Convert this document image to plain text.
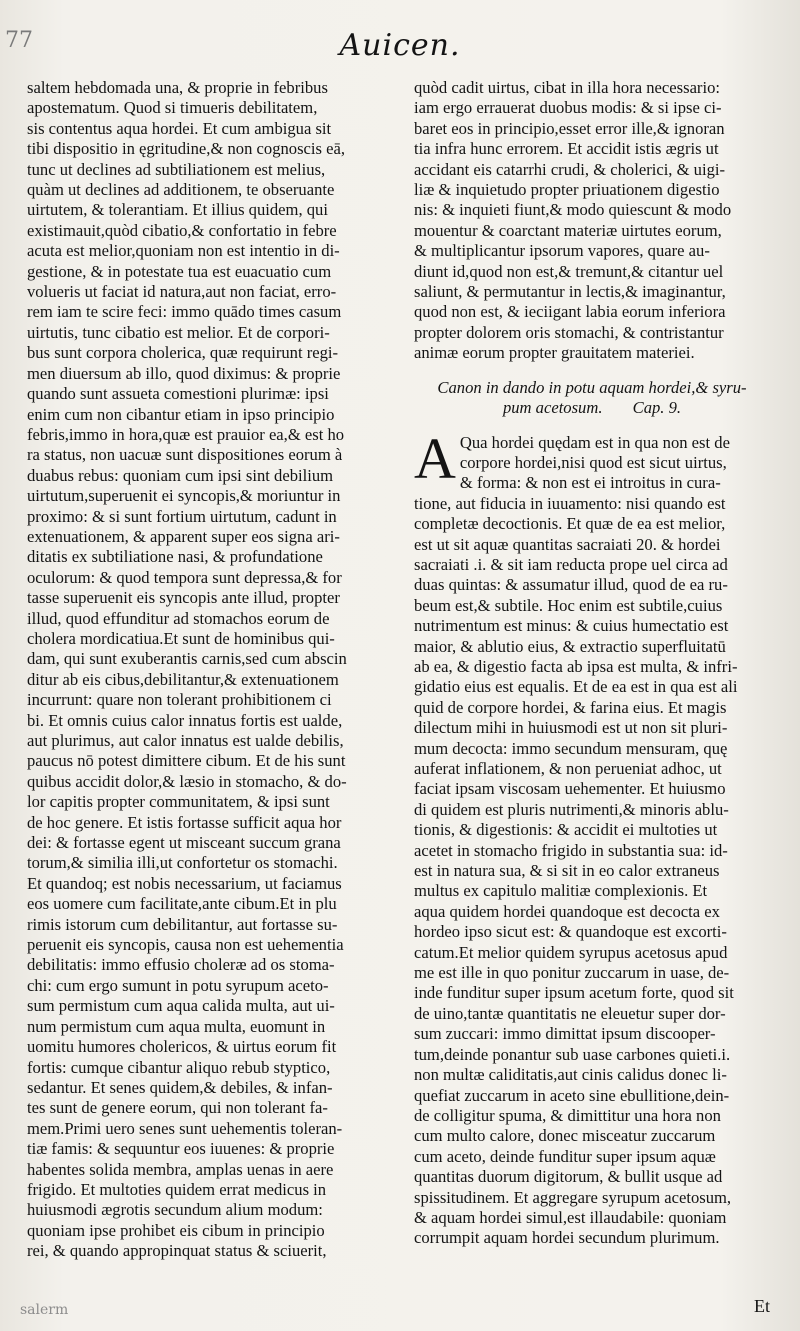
77	Auicen.
saltem hebdomada una, & proprie in febribus
apostematum. Quod si timueris debilitatem,
sis contentus aqua hordei. Et cum ambigua sit
tibi dispositio in ęgritudine,& non cognoscis eā,
tunc ut declines ad subtiliationem est melius,
quàm ut declines ad additionem, te obseruante
uirtutem, & tolerantiam. Et illius quidem, qui
existimauit,quòd cibatio,& confortatio in febre
acuta est melior,quoniam non est intentio in di-
gestione, & in potestate tua est euacuatio cum
volueris ut faciat id natura,aut non faciat, erro-
rem iam te scire feci: immo quādo times casum
uirtutis, tunc cibatio est melior. Et de corpori-
bus sunt corpora cholerica, quæ requirunt regi-
men diuersum ab illo, quod diximus: & proprie
quando sunt assueta comestioni plurimæ: ipsi
enim cum non cibantur etiam in ipso principio
febris,immo in hora,quæ est prauior ea,& est ho
ra status, non uacuæ sunt dispositiones eorum à
duabus rebus: quoniam cum ipsi sint debilium
uirtutum,superuenit ei syncopis,& moriuntur in
proximo: & si sunt fortium uirtutum, cadunt in
extenuationem, & apparent super eos signa ari-
ditatis ex subtiliatione nasi, & profundatione
oculorum: & quod tempora sunt depressa,& for
tasse superuenit eis syncopis ante illud, propter
illud, quod effunditur ad stomachos eorum de
cholera mordicatiua.Et sunt de hominibus qui-
dam, qui sunt exuberantis carnis,sed cum abscin
ditur ab eis cibus,debilitantur,& extenuationem
incurrunt: quare non tolerant prohibitionem ci
bi. Et omnis cuius calor innatus fortis est ualde,
aut plurimus, aut calor innatus est ualde debilis,
paucus nō potest dimittere cibum. Et de his sunt
quibus accidit dolor,& læsio in stomacho, & do-
lor capitis propter communitatem, & ipsi sunt
de hoc genere. Et istis fortasse sufficit aqua hor
dei: & fortasse egent ut misceant succum grana
torum,& similia illi,ut confortetur os stomachi.
Et quandoq; est nobis necessarium, ut faciamus
eos uomere cum facilitate,ante cibum.Et in plu
rimis istorum cum debilitantur, aut fortasse su-
peruenit eis syncopis, causa non est uehementia
debilitatis: immo effusio choleræ ad os stoma-
chi: cum ergo sumunt in potu syrupum aceto-
sum permistum cum aqua calida multa, aut ui-
num permistum cum aqua multa, euomunt in
uomitu humores cholericos, & uirtus eorum fit
fortis: cumque cibantur aliquo rebub styptico,
sedantur. Et senes quidem,& debiles, & infan-
tes sunt de genere eorum, qui non tolerant fa-
mem.Primi uero senes sunt uehementis toleran-
tiæ famis: & sequuntur eos iuuenes: & proprie
habentes solida membra, amplas uenas in aere
frigido. Et multoties quidem errat medicus in
huiusmodi ægrotis secundum alium modum:
quoniam ipse prohibet eis cibum in principio
rei, & quando appropinquat status & sciuerit,
quòd cadit uirtus, cibat in illa hora necessario:
iam ergo errauerat duobus modis: & si ipse ci-
baret eos in principio,esset error ille,& ignoran
tia infra hunc errorem. Et accidit istis ægris ut
accidant eis catarrhi crudi, & cholerici, & uigi-
liæ & inquietudo propter priuationem digestio
nis: & inquieti fiunt,& modo quiescunt & modo
mouentur & coarctant materiæ uirtutes eorum,
& multiplicantur ipsorum vapores, quare au-
diunt id,quod non est,& tremunt,& citantur uel
saliunt, & permutantur in lectis,& imaginantur,
quod non est, & ieciigant labia eorum inferiora
propter dolorem oris stomachi, & contristantur
animæ eorum propter grauitatem materiei.
Canon in dando in potu aquam hordei,& syru-
pum acetosum. Cap. 9.
A Qua hordei quędam est in qua non est de
corpore hordei,nisi quod est sicut uirtus,
& forma: & non est ei introitus in cura-
tione, aut fiducia in iuuamento: nisi quando est
completæ decoctionis. Et quæ de ea est melior,
est ut sit aquæ quantitas sacraiati 20. & hordei
sacraiati .i. & sit iam reducta prope uel circa ad
duas quintas: & assumatur illud, quod de ea ru-
beum est,& subtile. Hoc enim est subtile,cuius
nutrimentum est minus: & cuius humectatio est
maior, & ablutio eius, & extractio superfluitatū
ab ea, & digestio facta ab ipsa est multa, & infri-
gidatio eius est equalis. Et de ea est in qua est ali
quid de corpore hordei, & farina eius. Et magis
dilectum mihi in huiusmodi est ut non sit pluri-
mum decocta: immo secundum mensuram, quę
auferat inflationem, & non perueniat adhoc, ut
faciat ipsam viscosam uehementer. Et huiusmo
di quidem est pluris nutrimenti,& minoris ablu-
tionis, & digestionis: & accidit ei multoties ut
acetet in stomacho frigido in substantia sua: id-
est in natura sua, & si sit in eo calor extraneus
multus ex capitulo malitiæ complexionis. Et
aqua quidem hordei quandoque est decocta ex
hordeo ipso sicut est: & quandoque est excorti-
catum.Et melior quidem syrupus acetosus apud
me est ille in quo ponitur zuccarum in uase, de-
inde funditur super ipsum acetum forte, quod sit
de uino,tantæ quantitatis ne eleuetur super dor-
sum zuccari: immo dimittat ipsum discooper-
tum,deinde ponantur sub uase carbones quieti.i.
non multæ caliditatis,aut cinis calidus donec li-
quefiat zuccarum in aceto sine ebullitione,dein-
de colligitur spuma, & dimittitur una hora non
cum multo calore, donec misceatur zuccarum
cum aceto, deinde funditur super ipsum aquæ
quantitas duorum digitorum, & bullit usque ad
spissitudinem. Et aggregare syrupum acetosum,
& aquam hordei simul,est illaudabile: quoniam
corrumpit aquam hordei secundum plurimum.
Et
salerm
